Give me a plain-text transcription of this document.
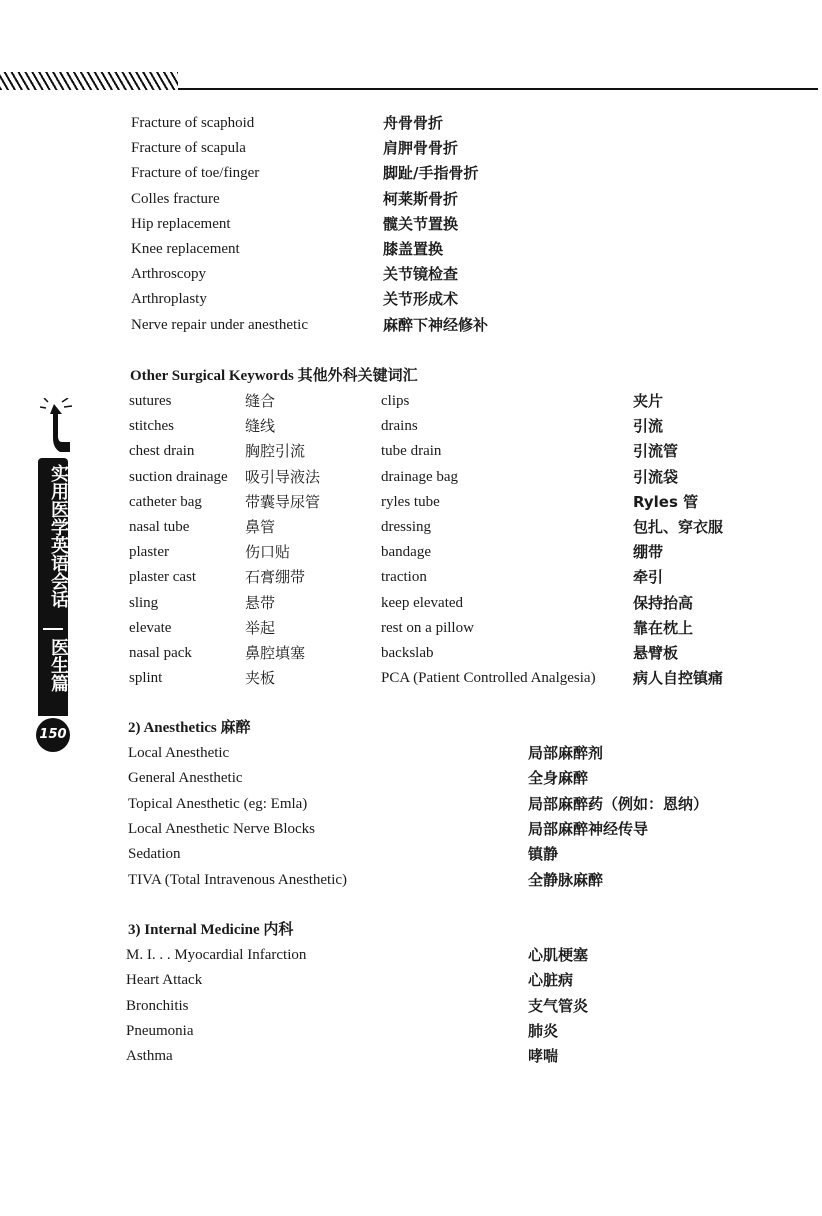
Fracture of scaphoid	舟骨骨折
Fracture of scapula	肩胛骨骨折
Fracture of toe/finger	脚趾/手指骨折
Colles fracture	柯莱斯骨折
Hip replacement	髋关节置换
Knee replacement	膝盖置换
Arthroscopy	关节镜检查
Arthroplasty	关节形成术
Nerve repair under anesthetic	麻醉下神经修补
Other Surgical Keywords 其他外科关键词汇
sutures	缝合	clips	夹片
stitches	缝线	drains	引流
chest drain	胸腔引流	tube drain	引流管
suction drainage 吸引导液法	drainage bag	引流袋
catheter bag	带囊导尿管	ryles tube	Ryles 管
nasal tube	鼻管	dressing	包扎、穿衣服
plaster	伤口贴	bandage	绷带
plaster cast	石膏绷带	traction	牵引
sling	悬带	keep elevated	保持抬高
elevate	举起	rest on a pillow	靠在枕上
nasal pack	鼻腔填塞	backslab	悬臂板
splint	夹板	PCA (Patient Controlled Analgesia) 病人自控镇痛
2) Anesthetics 麻醉
Local Anesthetic	局部麻醉剂
General Anesthetic	全身麻醉
Topical Anesthetic (eg: Emla)	局部麻醉药（例如：恩纳）
Local Anesthetic Nerve Blocks	局部麻醉神经传导
Sedation	镇静
TIVA (Total Intravenous Anesthetic)	全静脉麻醉
3) Internal Medicine 内科
M. I. . . Myocardial Infarction	心肌梗塞
Heart Attack	心脏病
Bronchitis	支气管炎
Pneumonia	肺炎
Asthma	哮喘
实用医学英语会话
医生篇
150
